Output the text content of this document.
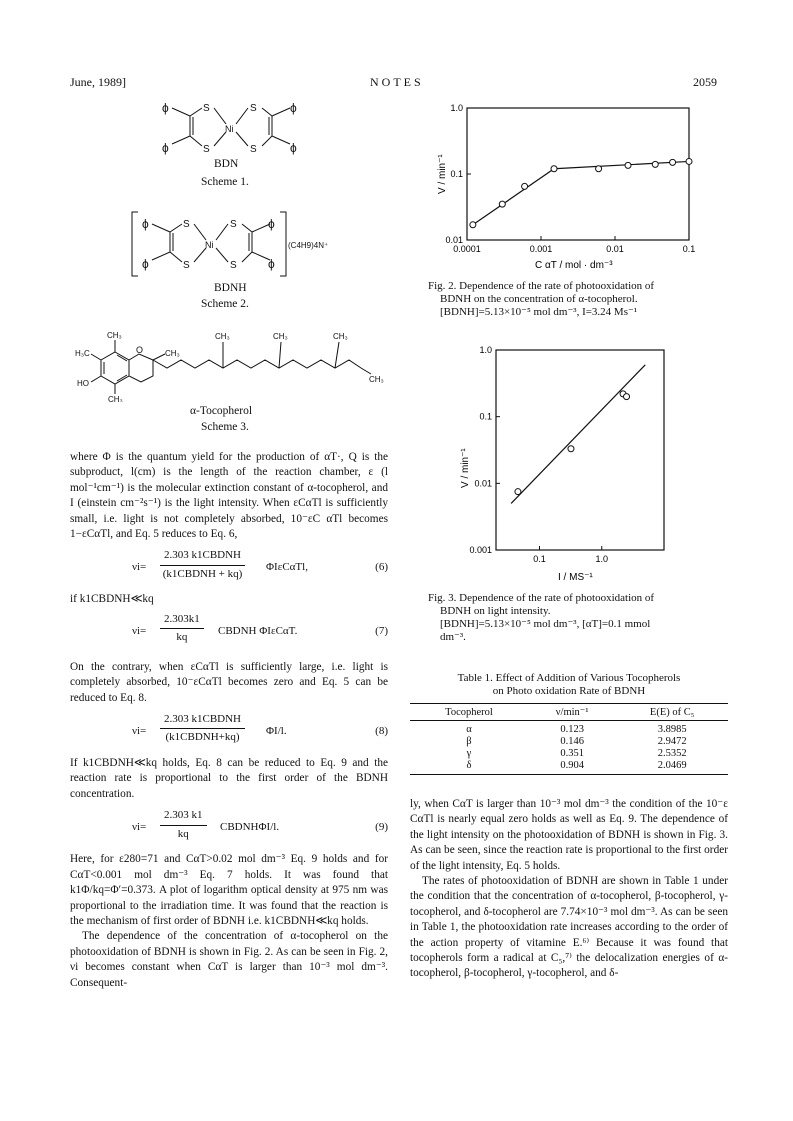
June, 1989]	NOTES	2059
S	S
S	S
Ni
ϕ
ϕ
ϕ
ϕ
BDN
Scheme 1.
S	S
S	S
Ni
ϕ
ϕ
ϕ
ϕ
(C4H9)4N⁺
BDNH
Scheme 2.
CH₃
H₃C
HO
CH₃
O	CH₃
CH₃	CH₃	CH₃
CH₃
α-Tocopherol
Scheme 3.

where Φ is the quantum yield for the production of αT·, Q is the subproduct, l(cm) is the length of the reaction chamber, ε (l mol⁻¹cm⁻¹) is the molecular extinction constant of α-tocopherol, and I (einstein cm⁻²s⁻¹) is the light intensity. When εCαTl is sufficiently small, i.e. light is not completely absorbed, 10⁻εC αTl becomes 1−εCαTl, and Eq. 5 reduces to Eq. 6,

νi=
2.303 k1CBDNH
(k1CBDNH + kq)
ΦIεCαTl,	(6)

if k1CBDNH≪kq

$\nu i= \frac{2.303k1}{kq}$ CBDNH ΦIεCαT.	(7)

On the contrary, when εCαTl is sufficiently large, i.e. light is completely absorbed, 10⁻εCαTl becomes zero and Eq. 5 can be reduced to Eq. 8.

νi=
2.303 k1CBDNH
(k1CBDNH+kq)
ΦI/l.	(8)

If k1CBDNH≪kq holds, Eq. 8 can be reduced to Eq. 9 and the reaction rate is proportional to the first order of the BDNH concentration.

$\nu i= \frac{2.303 k1}{kq}$ CBDNHΦI/l.	(9)

Here, for ε280=71 and CαT>0.02 mol dm⁻³ Eq. 9 holds and for CαT<0.001 mol dm⁻³ Eq. 7 holds. It was found that k1Φ/kq=Φ′=0.373. A plot of logarithm optical density at 975 nm was proportional to the irradiation time. It was found that the reaction is the mechanism of first order of BDNH i.e. k1CBDNH≪kq holds.

The dependence of the concentration of α-tocopherol on the photooxidation of BDNH is shown in Fig. 2. As can be seen in Fig. 2, νi becomes constant when CαT is larger than 10⁻³ mol dm⁻³. Consequent-

V / min⁻¹
C αT / mol · dm⁻³
0.0001	0.001	0.01	0.1
1.0
0.1
0.01
Fig. 2. Dependence of the rate of photooxidation of
BDNH on the concentration of α-tocopherol.
[BDNH]=5.13×10⁻⁵ mol dm⁻³, I=3.24 Ms⁻¹
V / min⁻¹
I / MS⁻¹
0.1	1.0
1.0
0.1
0.01
0.001
Fig. 3. Dependence of the rate of photooxidation of
BDNH on light intensity.
[BDNH]=5.13×10⁻⁵ mol dm⁻³, [αT]=0.1 mmol
dm⁻³.
Table 1. Effect of Addition of Various Tocopherols
on Photo oxidation Rate of BDNH
Tocopherol	ν/min⁻¹	E(E) of C₅
α	0.123	3.8985
β	0.146	2.9472
γ	0.351	2.5352
δ	0.904	2.0469

ly, when CαT is larger than 10⁻³ mol dm⁻³ the condition of the 10⁻ε CαTl is nearly equal zero holds as well as Eq. 9. The dependence of the light intensity on the photooxidation of BDNH is shown in Fig. 3. As can be seen, since the reaction rate is proportional to the first order of the light intensity, Eq. 5 holds.

The rates of photooxidation of BDNH are shown in Table 1 under the condition that the concentration of α-tocopherol, β-tocopherol, γ-tocopherol, and δ-tocopherol are 7.74×10⁻³ mol dm⁻³. As can be seen in Table 1, the photooxidation rate increases according to the order of the action property of vitamine E.⁶⁾ Because it was found that tocopherols form a radical at C₅,⁷⁾ the delocalization energies of α-tocopherol, β-tocopherol, γ-tocopherol, and δ-
